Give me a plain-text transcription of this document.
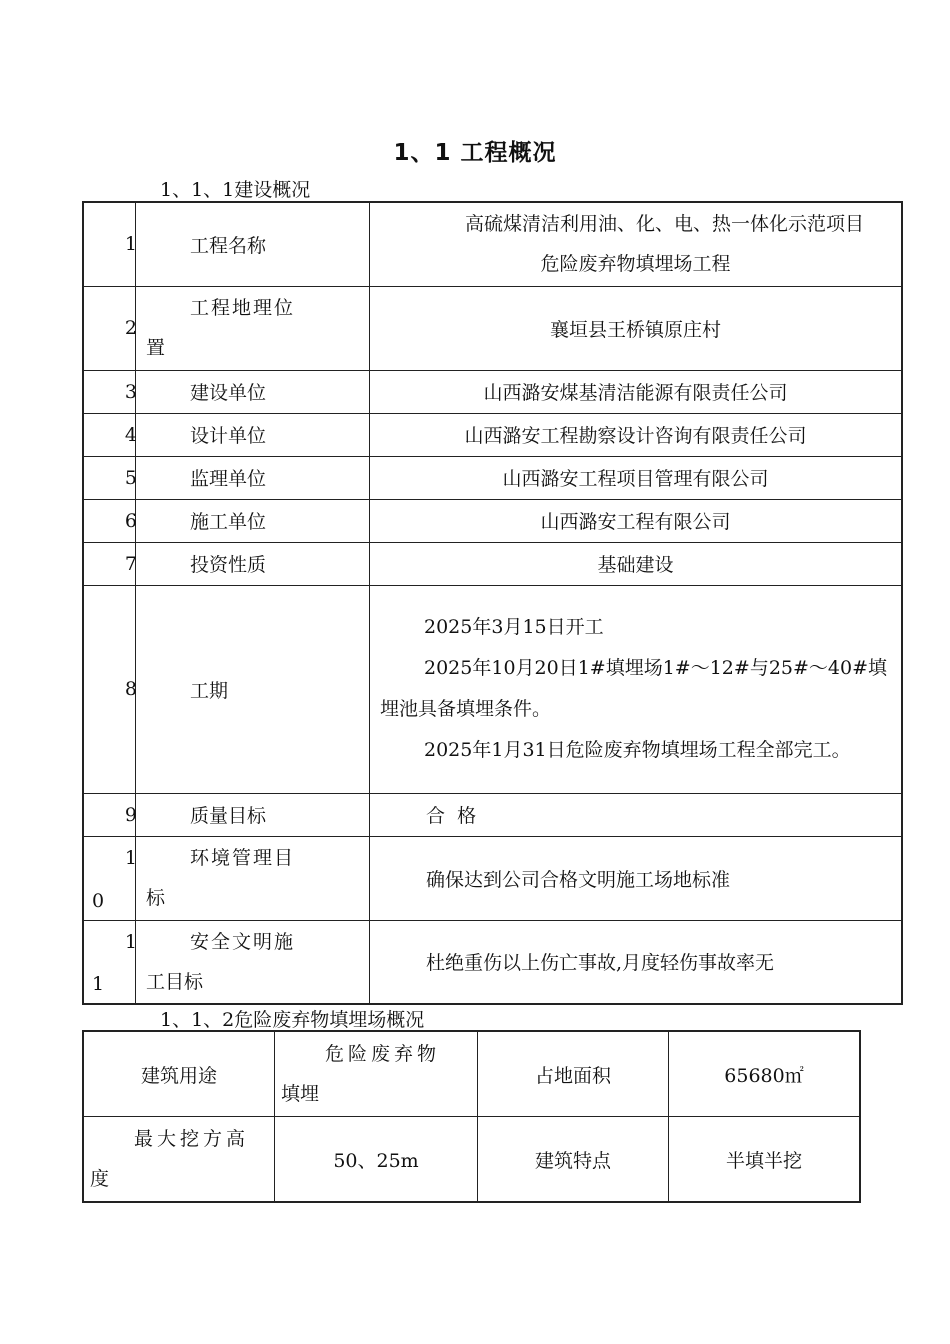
1、1 工程概况
1、1、1建设概况
1	工程名称	高硫煤清洁利用油、化、电、热一体化示范项目
危险废弃物填埋场工程

2	工程地理位
置	襄垣县王桥镇原庄村

3	建设单位	山西潞安煤基清洁能源有限责任公司

4	设计单位	山西潞安工程勘察设计咨询有限责任公司

5	监理单位	山西潞安工程项目管理有限公司

6	施工单位	山西潞安工程有限公司

7	投资性质	基础建设

8	工期	2025年3月15日开工

2025年10月20日1#填埋场1#～12#与25#～40#填埋池具备填埋条件。

2025年1月31日危险废弃物填埋场工程全部完工。

9	质量目标	合  格

1
0	环境管理目
标	确保达到公司合格文明施工场地标准

1
1	安全文明施
工目标	杜绝重伤以上伤亡事故,月度轻伤事故率无
1、1、2危险废弃物填埋场概况
建筑用途	危险废弃物
填埋	占地面积	65680㎡

最大挖方高
度	50、25m	建筑特点	半填半挖
